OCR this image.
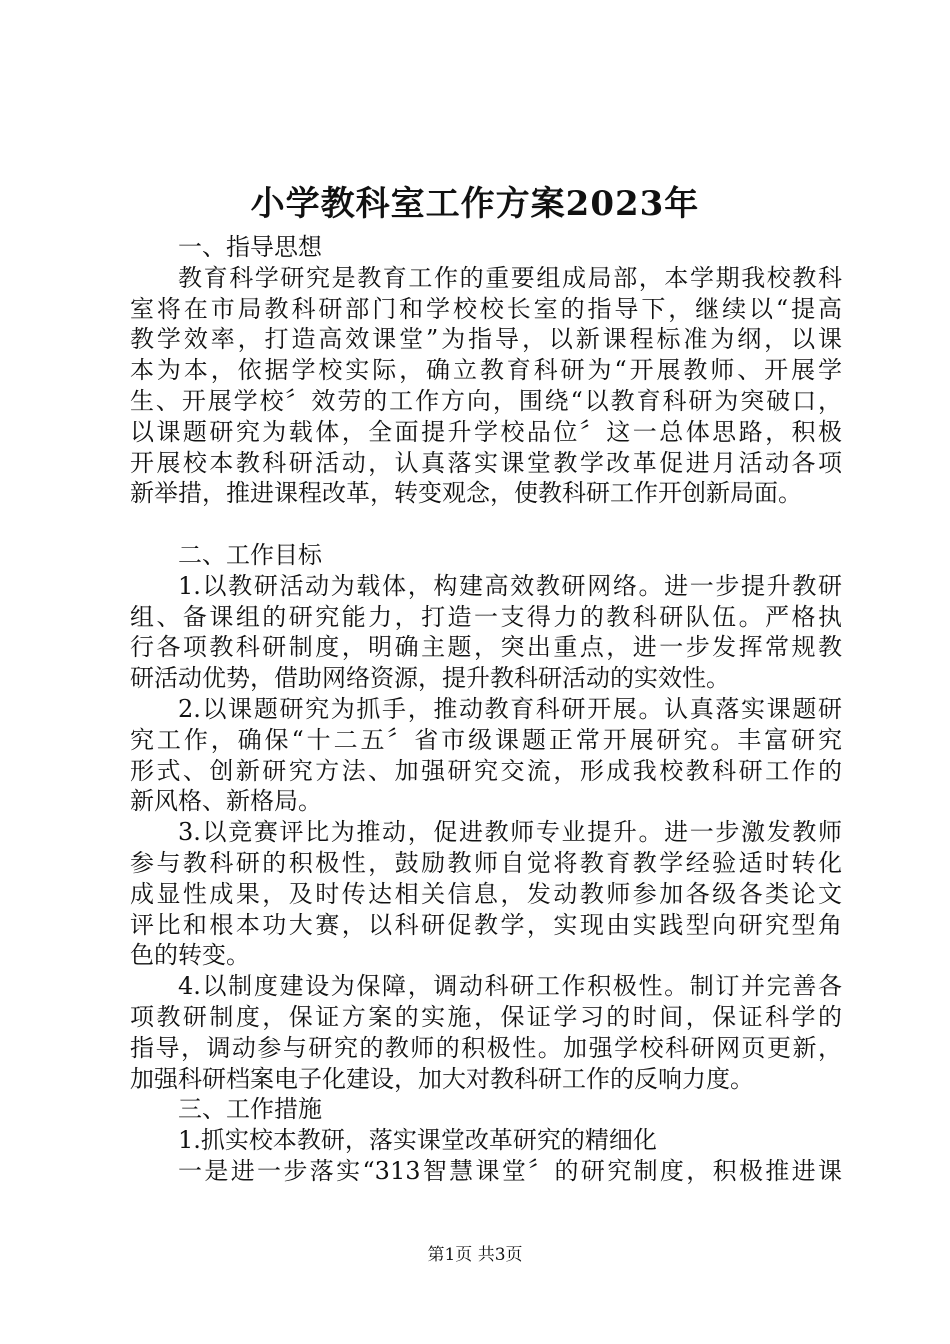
小学教科室工作方案2023年
一、指导思想
教育科学研究是教育工作的重要组成局部，本学期我校教科
室将在市局教科研部门和学校校长室的指导下，继续以“提高
教学效率，打造高效课堂”为指导，以新课程标准为纲，以课
本为本，依据学校实际，确立教育科研为“开展教师、开展学
生、开展学校〞效劳的工作方向，围绕“以教育科研为突破口，
以课题研究为载体，全面提升学校品位〞这一总体思路，积极
开展校本教科研活动，认真落实课堂教学改革促进月活动各项
新举措，推进课程改革，转变观念，使教科研工作开创新局面。
二、工作目标
1.以教研活动为载体，构建高效教研网络。进一步提升教研
组、备课组的研究能力，打造一支得力的教科研队伍。严格执
行各项教科研制度，明确主题，突出重点，进一步发挥常规教
研活动优势，借助网络资源，提升教科研活动的实效性。
2.以课题研究为抓手，推动教育科研开展。认真落实课题研
究工作，确保“十二五〞省市级课题正常开展研究。丰富研究
形式、创新研究方法、加强研究交流，形成我校教科研工作的
新风格、新格局。
3.以竞赛评比为推动，促进教师专业提升。进一步激发教师
参与教科研的积极性，鼓励教师自觉将教育教学经验适时转化
成显性成果，及时传达相关信息，发动教师参加各级各类论文
评比和根本功大赛，以科研促教学，实现由实践型向研究型角
色的转变。
4.以制度建设为保障，调动科研工作积极性。制订并完善各
项教研制度，保证方案的实施，保证学习的时间，保证科学的
指导，调动参与研究的教师的积极性。加强学校科研网页更新，
加强科研档案电子化建设，加大对教科研工作的反响力度。
三、工作措施
1.抓实校本教研，落实课堂改革研究的精细化
一是进一步落实“313智慧课堂〞的研究制度，积极推进课
第1页 共3页
